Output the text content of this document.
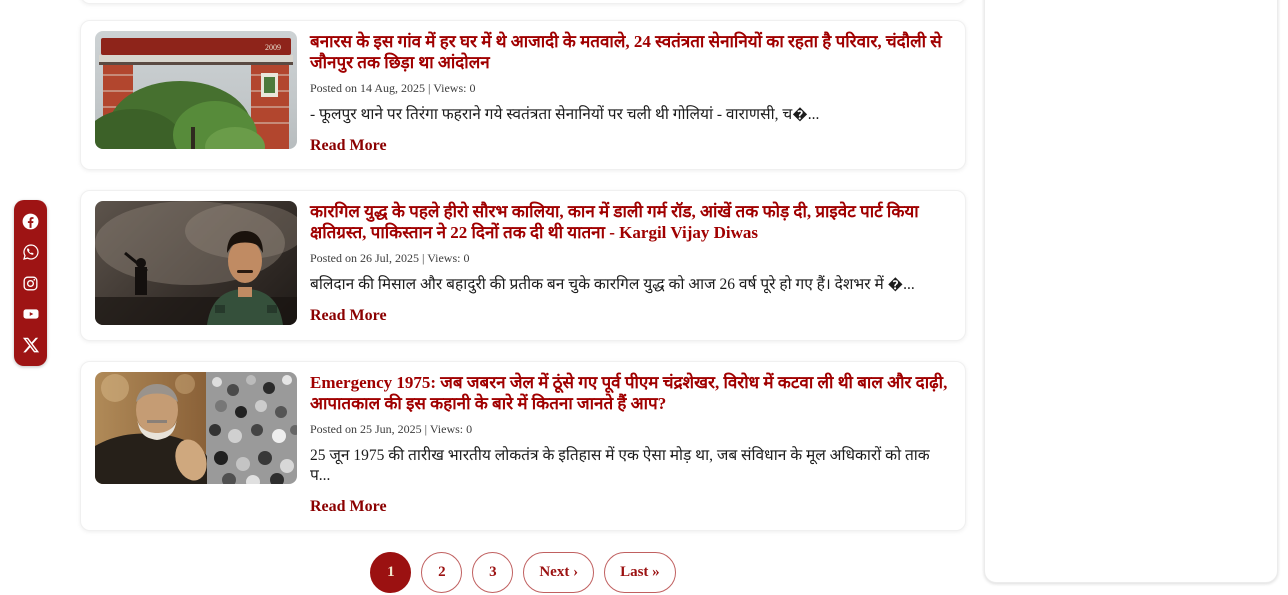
2009 बनारस के इस गांव में हर घर में थे आजादी के मतवाले, 24 स्वतंत्रता सेनानियों का रहता है परिवार, चंदौली से जौनपुर तक छिड़ा था आंदोलन
Posted on 14 Aug, 2025 | Views: 0
- फूलपुर थाने पर तिरंगा फहराने गये स्वतंत्रता सेनानियों पर चली थी गोलियां - वाराणसी, च�...
Read More
कारगिल युद्ध के पहले हीरो सौरभ कालिया, कान में डाली गर्म रॉड, आंखें तक फोड़ दी, प्राइवेट पार्ट किया क्षतिग्रस्त, पाकिस्तान ने 22 दिनों तक दी थी यातना - Kargil Vijay Diwas
Posted on 26 Jul, 2025 | Views: 0
बलिदान की मिसाल और बहादुरी की प्रतीक बन चुके कारगिल युद्ध को आज 26 वर्ष पूरे हो गए हैं। देशभर में �...
Read More
Emergency 1975: जब जबरन जेल में ठूंसे गए पूर्व पीएम चंद्रशेखर, विरोध में कटवा ली थी बाल और दाढ़ी, आपातकाल की इस कहानी के बारे में कितना जानते हैं आप?
Posted on 25 Jun, 2025 | Views: 0
25 जून 1975 की तारीख भारतीय लोकतंत्र के इतिहास में एक ऐसा मोड़ था, जब संविधान के मूल अधिकारों को ताक प...
Read More
1	2	3	Next ›	Last »
